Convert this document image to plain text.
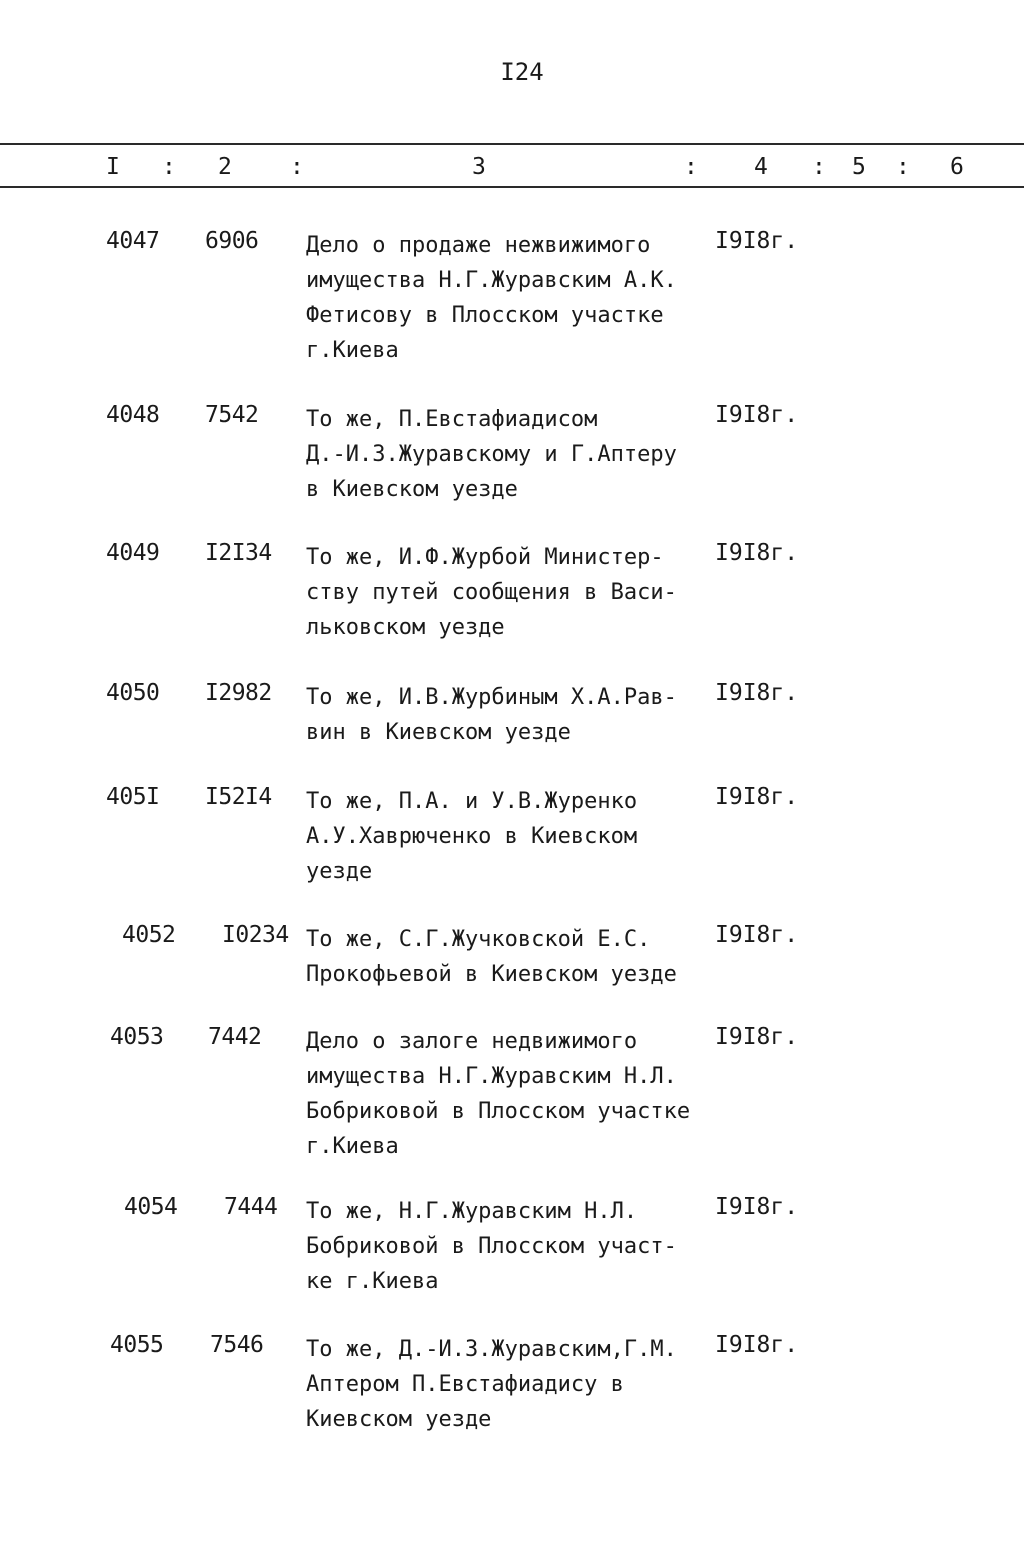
I24
I : 2	:	3	: 4 : 5 : 6
4047 6906 Дело о продаже нежвижимого
имущества Н.Г.Журавским А.К.
Фетисову в Плосском участке
г.Киева
I9I8г.
4048 7542 То же, П.Евстафиадисом
Д.-И.З.Журавскому и Г.Аптеру
в Киевском уезде
I9I8г.
4049 I2I34 То же, И.Ф.Журбой Министер-
ству путей сообщения в Васи-
льковском уезде
I9I8г.
4050 I2982 То же, И.В.Журбиным Х.А.Рав-
вин в Киевском уезде
I9I8г.
405I I52I4 То же, П.А. и У.В.Журенко
А.У.Хаврюченко в Киевском
уезде
I9I8г.
4052 I0234 То же, С.Г.Жучковской Е.С.
Прокофьевой в Киевском уезде
I9I8г.
4053 7442 Дело о залоге недвижимого
имущества Н.Г.Журавским Н.Л.
Бобриковой в Плосском участке
г.Киева
I9I8г.
4054 7444 То же, Н.Г.Журавским Н.Л.
Бобриковой в Плосском участ-
ке г.Киева
I9I8г.
4055 7546 То же, Д.-И.З.Журавским,Г.М.
Аптером П.Евстафиадису в
Киевском уезде
I9I8г.
